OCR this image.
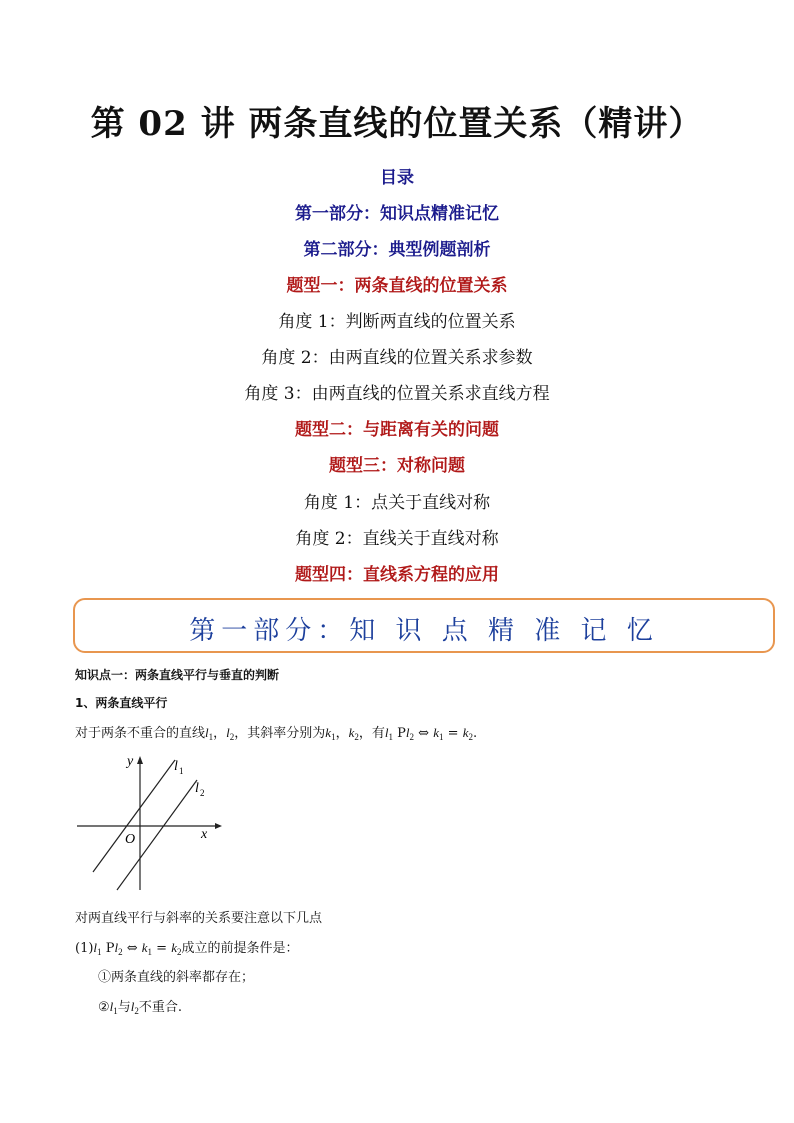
第 02 讲 两条直线的位置关系（精讲）
目录
第一部分：知识点精准记忆
第二部分：典型例题剖析
题型一：两条直线的位置关系
角度 1：判断两直线的位置关系
角度 2：由两直线的位置关系求参数
角度 3：由两直线的位置关系求直线方程
题型二：与距离有关的问题
题型三：对称问题
角度 1：点关于直线对称
角度 2：直线关于直线对称
题型四：直线系方程的应用
第一部分：知 识 点 精 准 记 忆
知识点一：两条直线平行与垂直的判断
1、两条直线平行
对于两条不重合的直线$l_1$，$l_2$，其斜率分别为$k_1$，$k_2$，有$l_1$ $Pl_2$ ⇔ $k_1 = k_2$.
y
x
O
l 1
l 2
对两直线平行与斜率的关系要注意以下几点
$(1)l_1$ $Pl_2$ ⇔ $k_1 = k_2$成立的前提条件是：
①两条直线的斜率都存在；
$②l_1$与$l_2$不重合.
